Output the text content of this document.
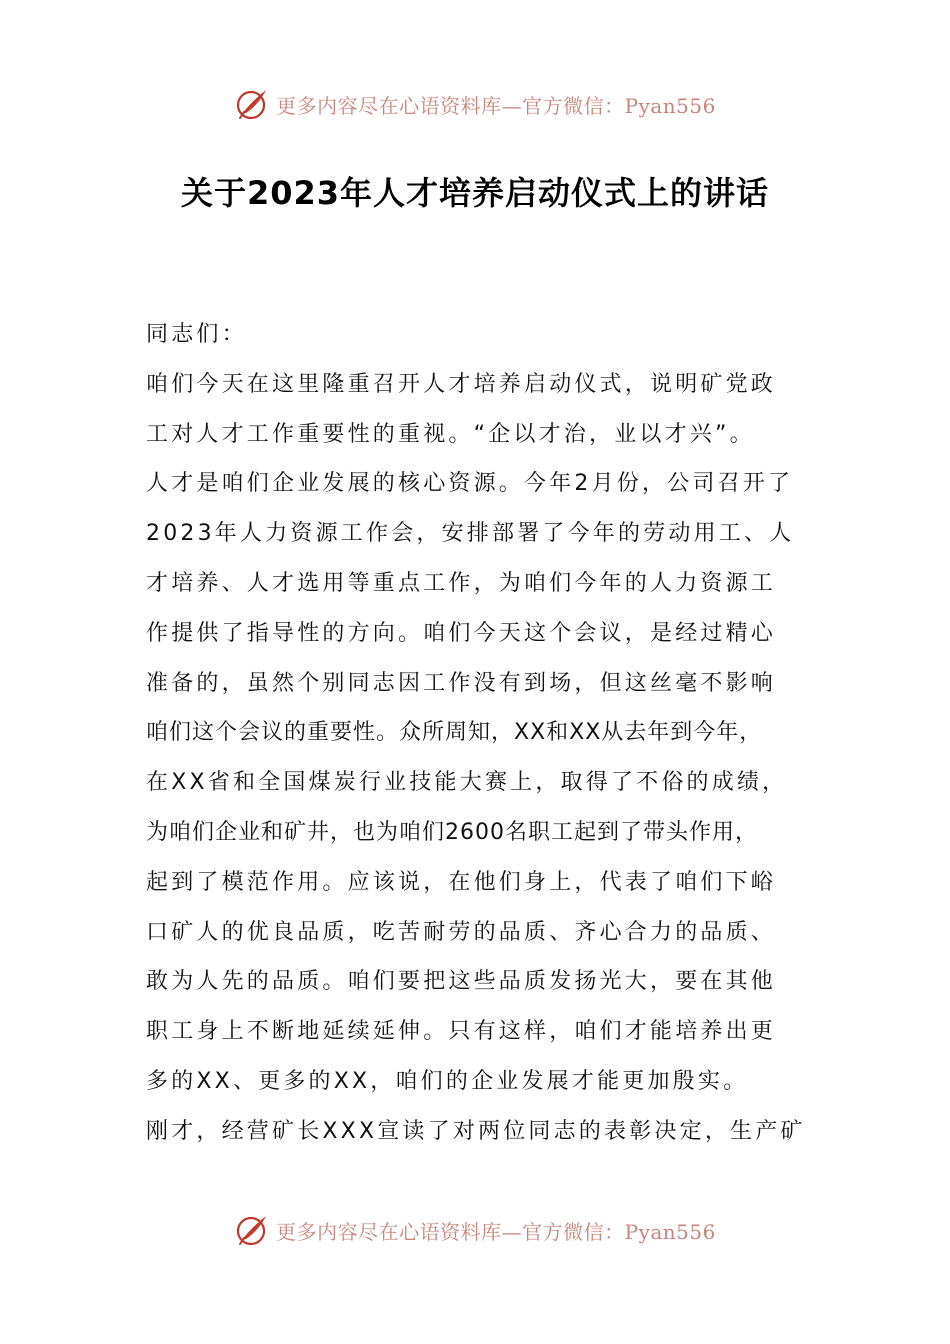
更多内容尽在心语资料库—官方微信：Pyan556
关于2023年人才培养启动仪式上的讲话
同志们：
咱们今天在这里隆重召开人才培养启动仪式，说明矿党政
工对人才工作重要性的重视。“企以才治，业以才兴”。
人才是咱们企业发展的核心资源。今年2月份，公司召开了
2023年人力资源工作会，安排部署了今年的劳动用工、人
才培养、人才选用等重点工作，为咱们今年的人力资源工
作提供了指导性的方向。咱们今天这个会议，是经过精心
准备的，虽然个别同志因工作没有到场，但这丝毫不影响
咱们这个会议的重要性。众所周知，XX和XX从去年到今年，
在XX省和全国煤炭行业技能大赛上，取得了不俗的成绩，
为咱们企业和矿井，也为咱们2600名职工起到了带头作用，
起到了模范作用。应该说，在他们身上，代表了咱们下峪
口矿人的优良品质，吃苦耐劳的品质、齐心合力的品质、
敢为人先的品质。咱们要把这些品质发扬光大，要在其他
职工身上不断地延续延伸。只有这样，咱们才能培养出更
多的XX、更多的XX，咱们的企业发展才能更加殷实。
刚才，经营矿长XXX宣读了对两位同志的表彰决定，生产矿
更多内容尽在心语资料库—官方微信：Pyan556
